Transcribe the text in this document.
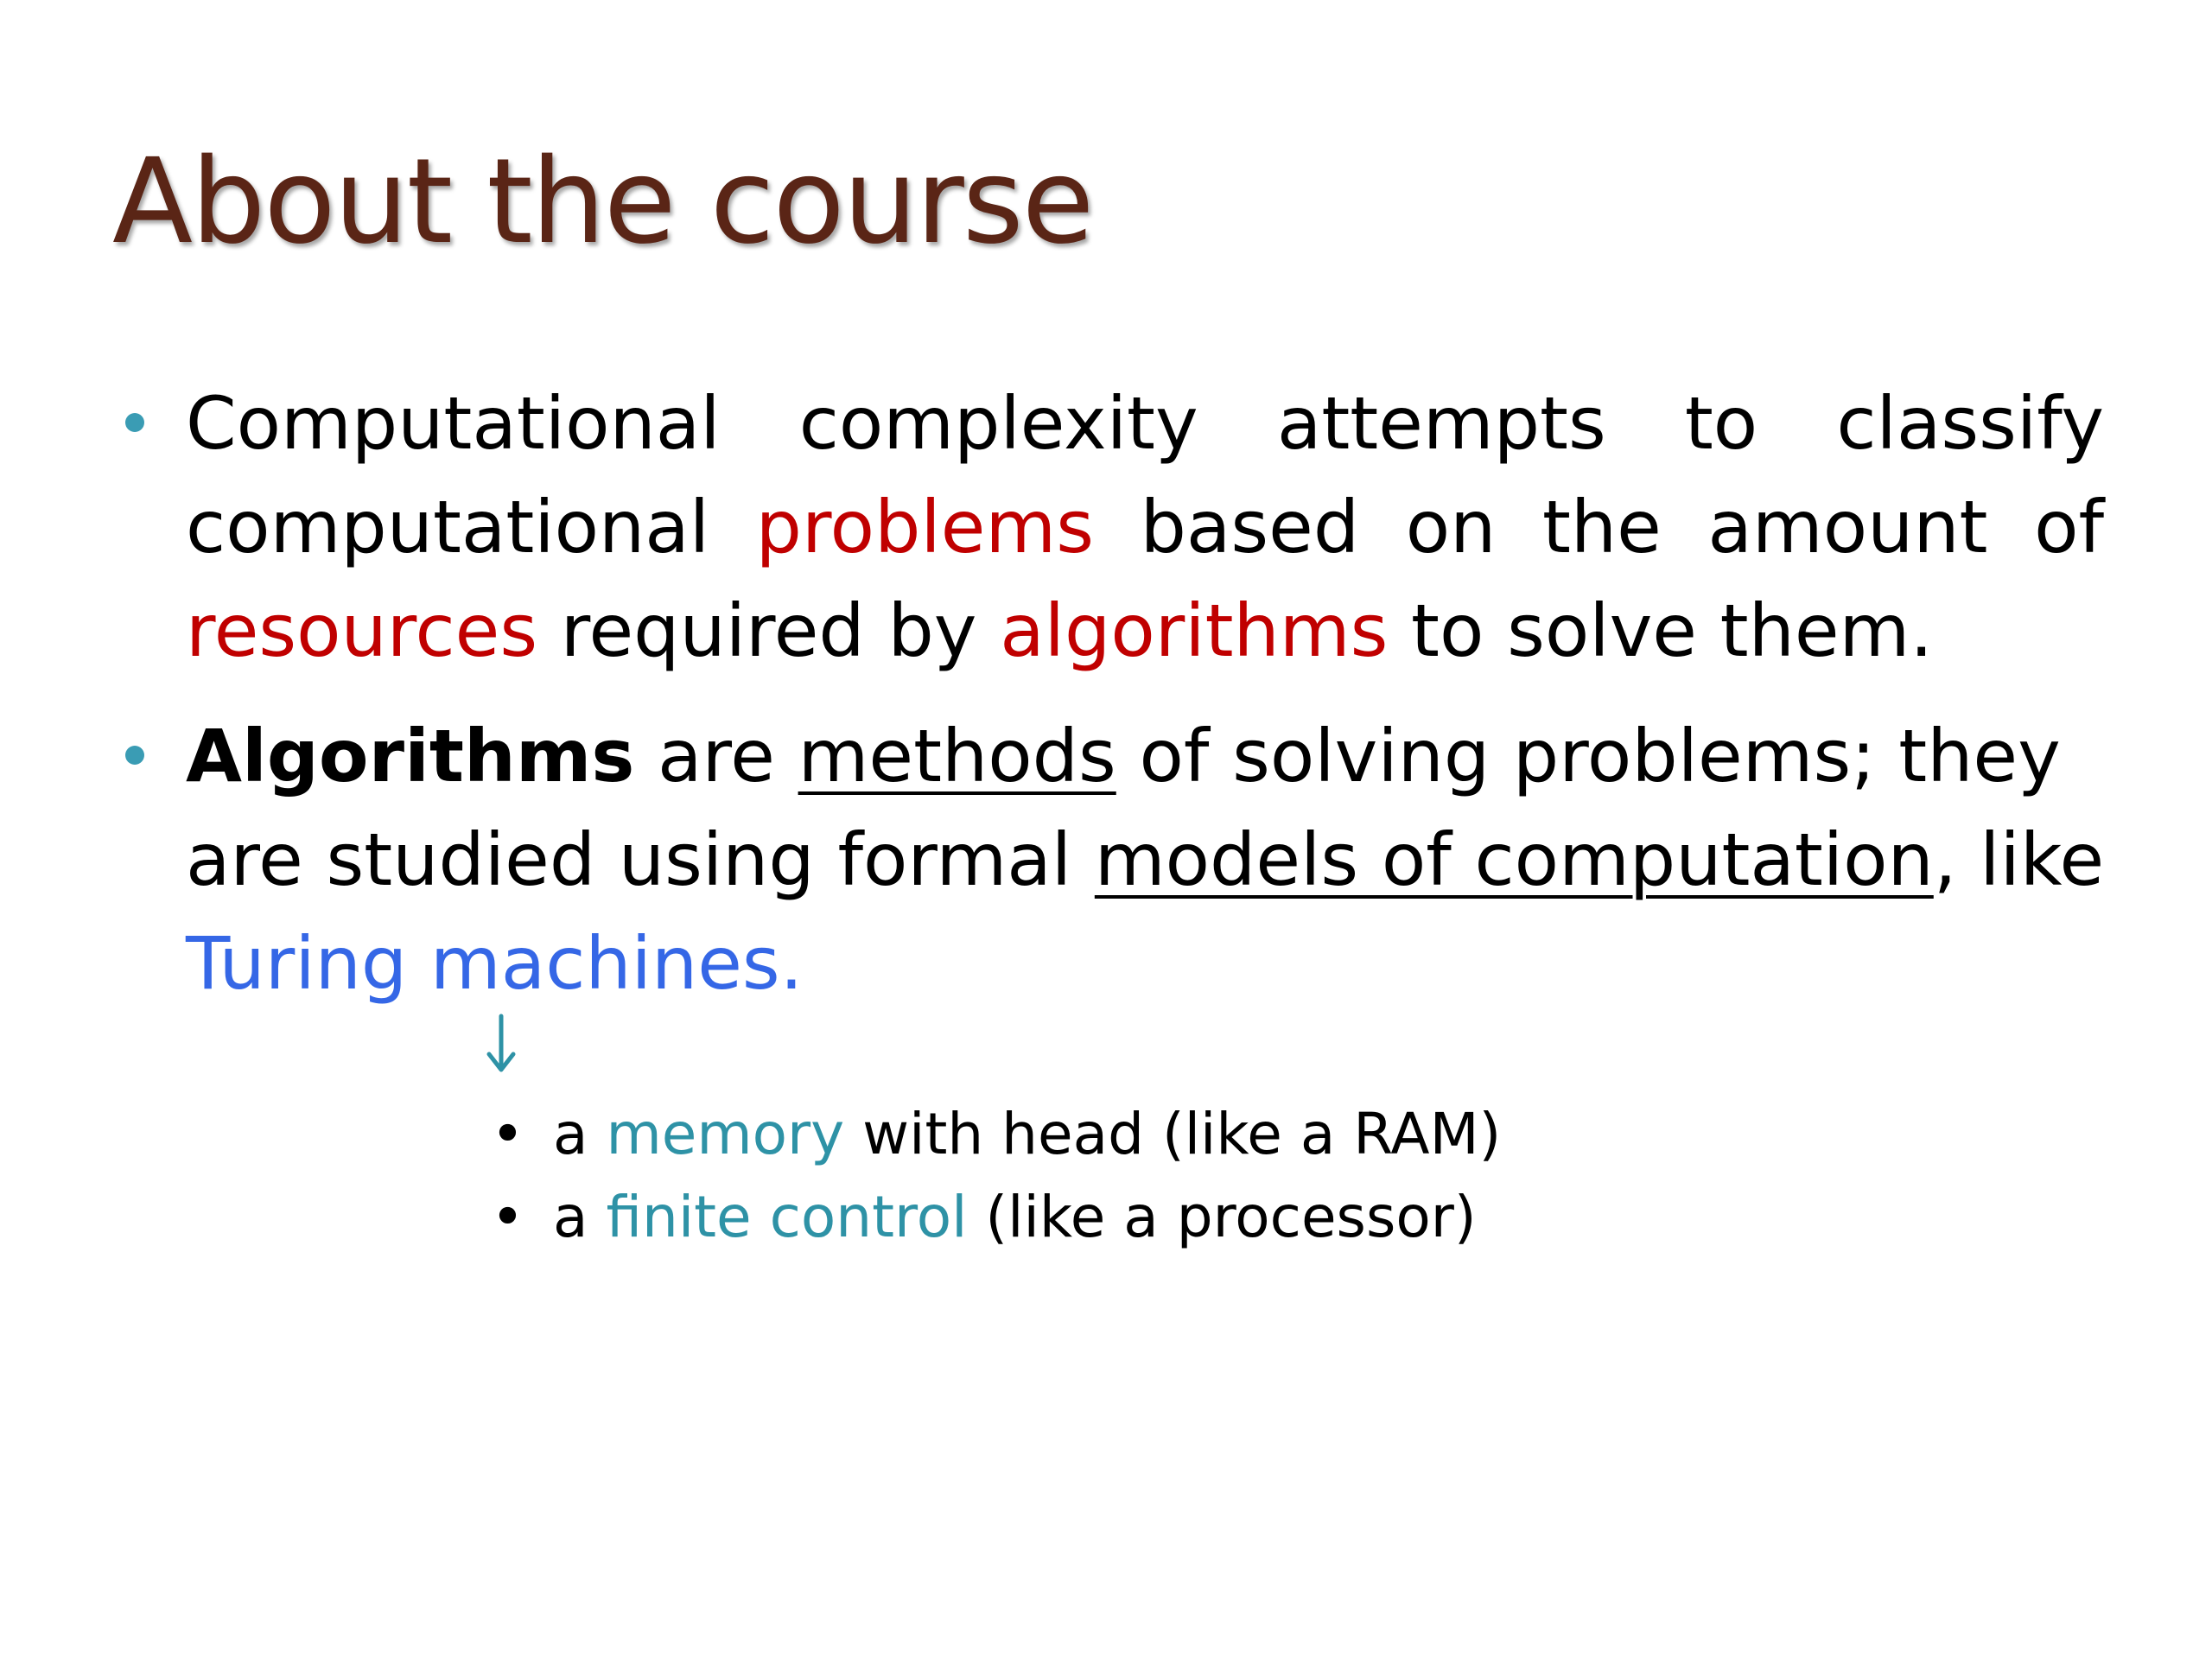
About the course
Computational complexity attempts to classify
computational problems based on the amount of
resources required by algorithms to solve them.
Algorithms are methods of solving problems; they
are studied using formal models of computation, like
Turing machines.
• a memory with head (like a RAM)
• a finite control (like a processor)
